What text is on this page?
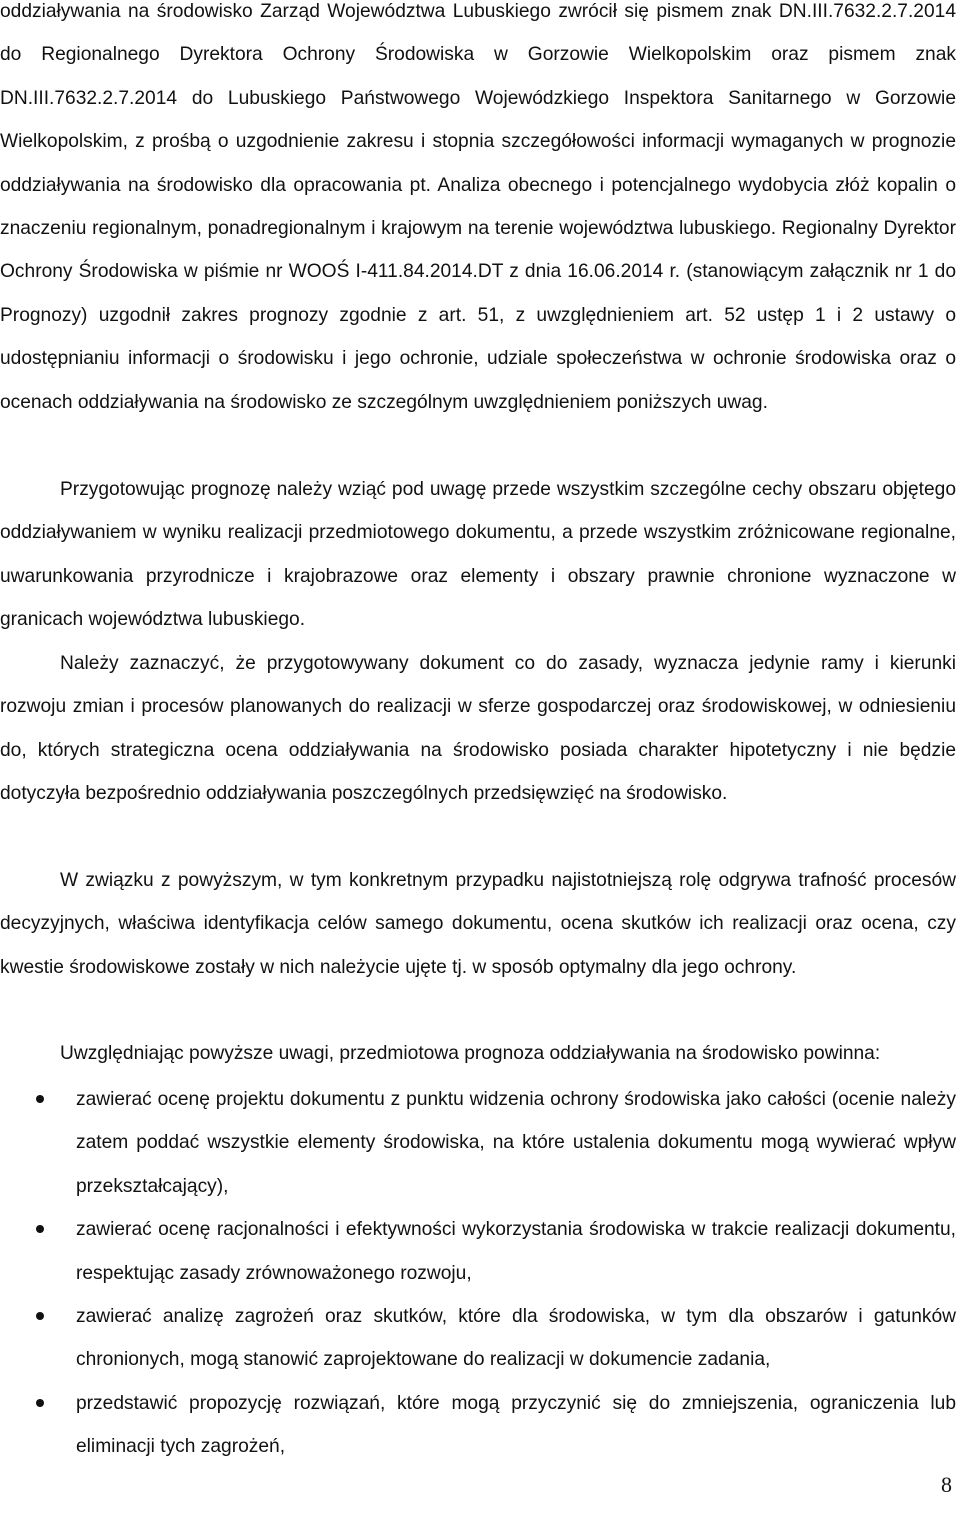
oddziaływania na środowisko Zarząd Województwa Lubuskiego zwrócił się pismem znak DN.III.7632.2.7.2014 do Regionalnego Dyrektora Ochrony Środowiska w Gorzowie Wielkopolskim oraz pismem znak DN.III.7632.2.7.2014 do Lubuskiego Państwowego Wojewódzkiego Inspektora Sanitarnego w Gorzowie Wielkopolskim, z prośbą o uzgodnienie zakresu i stopnia szczegółowości informacji wymaganych w prognozie oddziaływania na środowisko dla opracowania pt. Analiza obecnego i potencjalnego wydobycia złóż kopalin o znaczeniu regionalnym, ponadregionalnym i krajowym na terenie województwa lubuskiego. Regionalny Dyrektor Ochrony Środowiska w piśmie nr WOOŚ I-411.84.2014.DT z dnia 16.06.2014 r. (stanowiącym załącznik nr 1 do Prognozy) uzgodnił zakres prognozy zgodnie z art. 51, z uwzględnieniem art. 52 ustęp 1 i 2 ustawy o udostępnianiu informacji o środowisku i jego ochronie, udziale społeczeństwa w ochronie środowiska oraz o ocenach oddziaływania na środowisko ze szczególnym uwzględnieniem poniższych uwag.

Przygotowując prognozę należy wziąć pod uwagę przede wszystkim szczególne cechy obszaru objętego oddziaływaniem w wyniku realizacji przedmiotowego dokumentu, a przede wszystkim zróżnicowane regionalne, uwarunkowania przyrodnicze i krajobrazowe oraz elementy i obszary prawnie chronione wyznaczone w granicach województwa lubuskiego.

Należy zaznaczyć, że przygotowywany dokument co do zasady, wyznacza jedynie ramy i kierunki rozwoju zmian i procesów planowanych do realizacji w sferze gospodarczej oraz środowiskowej, w odniesieniu do, których strategiczna ocena oddziaływania na środowisko posiada charakter hipotetyczny i nie będzie dotyczyła bezpośrednio oddziaływania poszczególnych przedsięwzięć na środowisko.

W związku z powyższym, w tym konkretnym przypadku najistotniejszą rolę odgrywa trafność procesów decyzyjnych, właściwa identyfikacja celów samego dokumentu, ocena skutków ich realizacji oraz ocena, czy kwestie środowiskowe zostały w nich należycie ujęte tj. w sposób optymalny dla jego ochrony.

Uwzględniając powyższe uwagi, przedmiotowa prognoza oddziaływania na środowisko powinna:

zawierać ocenę projektu dokumentu z punktu widzenia ochrony środowiska jako całości (ocenie należy zatem poddać wszystkie elementy środowiska, na które ustalenia dokumentu mogą wywierać wpływ przekształcający),
zawierać ocenę racjonalności i efektywności wykorzystania środowiska w trakcie realizacji dokumentu, respektując zasady zrównoważonego rozwoju,
zawierać analizę zagrożeń oraz skutków, które dla środowiska, w tym dla obszarów i gatunków chronionych, mogą stanowić zaprojektowane do realizacji w dokumencie zadania,
przedstawić propozycję rozwiązań, które mogą przyczynić się do zmniejszenia, ograniczenia lub eliminacji tych zagrożeń,
8
